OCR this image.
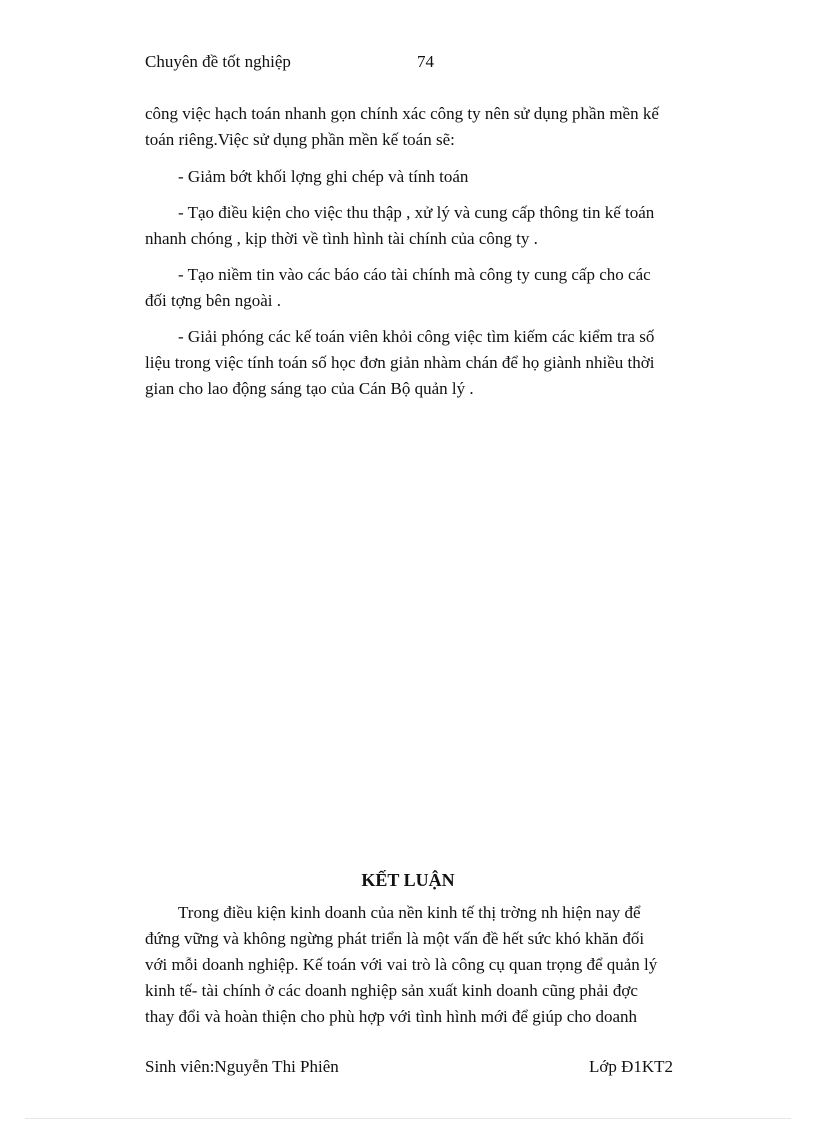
Chuyên đề tốt nghiệp	74
công việc hạch toán nhanh gọn chính xác công ty nên sử dụng phần mền kế
toán riêng.Việc sử dụng phần mền kế toán sẽ:
- Giảm bớt khối lợng ghi chép và tính toán
- Tạo điều kiện cho việc thu thập , xử lý và cung cấp thông tin kế toán
nhanh chóng , kịp thời về tình hình tài chính của công ty .
- Tạo niềm tin vào các báo cáo tài chính mà công ty cung cấp cho các
đối tợng bên ngoài .
- Giải phóng các kế toán viên khỏi công việc tìm kiếm các kiểm tra số
liệu trong việc tính toán số học đơn giản nhàm chán để họ giành nhiều thời
gian cho lao động sáng tạo của Cán Bộ quản lý .
KẾT LUẬN
Trong điều kiện kinh doanh của nền kinh tế thị trờng nh hiện nay để
đứng vững và không ngừng phát triển là một vấn đề hết sức khó khăn đối
với mỗi doanh nghiệp. Kế toán với vai trò là công cụ quan trọng để quản lý
kinh tế- tài chính ở các doanh nghiệp sản xuất kinh doanh cũng phải đợc
thay đổi và hoàn thiện cho phù hợp với tình hình mới để giúp cho doanh
Sinh viên:Nguyễn Thi Phiên	Lớp Đ1KT2
